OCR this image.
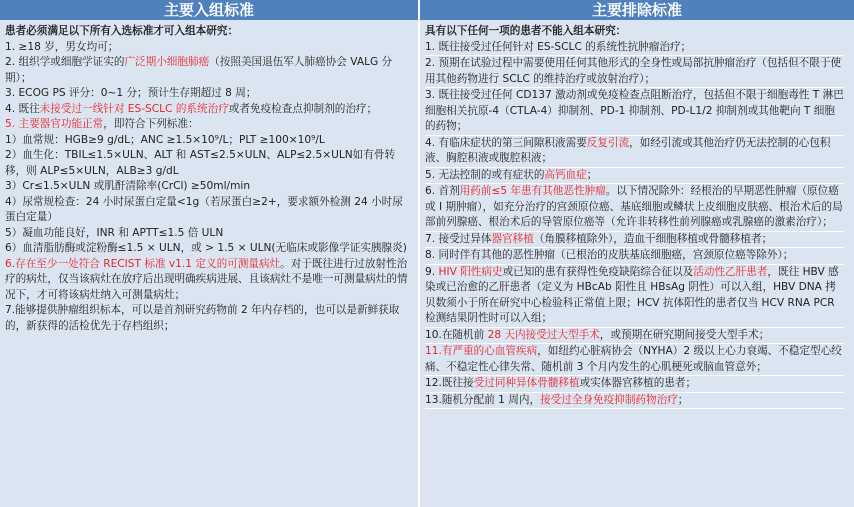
主要入组标准	主要排除标准

患者必须满足以下所有入选标准才可入组本研究：

1. ≥18 岁，男女均可；

2. 组织学或细胞学证实的广泛期小细胞肺癌（按照美国退伍军人肺癌协会 VALG 分期）；

3. ECOG PS 评分：0~1 分；预计生存期超过 8 周；

4. 既往未接受过一线针对 ES-SCLC 的系统治疗或者免疫检查点抑制剂的治疗；

5. 主要器官功能正常，即符合下列标准：

1）血常规：HGB≥9 g/dL；ANC ≥1.5×10⁹/L；PLT ≥100×10⁹/L

2）血生化：TBIL≤1.5×ULN、ALT 和 AST≤2.5×ULN、ALP≤2.5×ULN如有骨转移，则 ALP≤5×ULN，ALB≥3 g/dL

3）Cr≤1.5×ULN 或肌酐清除率(CrCl) ≥50ml/min

4）尿常规检查：24 小时尿蛋白定量<1g（若尿蛋白≥2+，要求额外检测 24 小时尿蛋白定量）

5）凝血功能良好，INR 和 APTT≤1.5 倍 ULN

6）血清脂肪酶或淀粉酶≤1.5 × ULN，或 > 1.5 × ULN(无临床或影像学证实胰腺炎)

6.存在至少一处符合 RECIST 标准 v1.1 定义的可测量病灶。对于既往进行过放射性治疗的病灶，仅当该病灶在放疗后出现明确疾病进展、且该病灶不是唯一可测量病灶的情况下，才可将该病灶纳入可测量病灶；

7.能够提供肿瘤组织标本，可以是首剂研究药物前 2 年内存档的，也可以是新鲜获取的，新获得的活检优先于存档组织；

具有以下任何一项的患者不能入组本研究：

1. 既往接受过任何针对 ES-SCLC 的系统性抗肿瘤治疗；

2. 预期在试验过程中需要使用任何其他形式的全身性或局部抗肿瘤治疗（包括但不限于使用其他药物进行 SCLC 的维持治疗或放射治疗）；

3. 既往接受过任何 CD137 激动剂或免疫检查点阻断治疗，包括但不限于细胞毒性 T 淋巴细胞相关抗原-4（CTLA-4）抑制剂、PD-1 抑制剂、PD-L1/2 抑制剂或其他靶向 T 细胞的药物；

4. 有临床症状的第三间隙积液需要反复引流，如经引流或其他治疗仍无法控制的心包积液、胸腔积液或腹腔积液；

5. 无法控制的或有症状的高钙血症；

6. 首剂用药前≤5 年患有其他恶性肿瘤。以下情况除外：经根治的早期恶性肿瘤（原位癌或 I 期肿瘤），如充分治疗的宫颈原位癌、基底细胞或鳞状上皮细胞皮肤癌、根治术后的局部前列腺癌、根治术后的导管原位癌等（允许非转移性前列腺癌或乳腺癌的激素治疗）；

7. 接受过异体器官移植（角膜移植除外），造血干细胞移植或骨髓移植者；

8. 同时伴有其他的恶性肿瘤（已根治的皮肤基底细胞癌，宫颈原位癌等除外）；

9. HIV 阳性病史或已知的患有获得性免疫缺陷综合征以及活动性乙肝患者，既往 HBV 感染或已治愈的乙肝患者（定义为 HBcAb 阳性且 HBsAg 阴性）可以入组，HBV DNA 拷贝数须小于所在研究中心检验科正常值上限；HCV 抗体阳性的患者仅当 HCV RNA PCR 检测结果阴性时可以入组；

10.在随机前 28 天内接受过大型手术，或预期在研究期间接受大型手术；

11.有严重的心血管疾病，如纽约心脏病协会（NYHA）2 级以上心力衰竭、不稳定型心绞痛、不稳定性心律失常、随机前 3 个月内发生的心肌梗死或脑血管意外；

12.既往接受过同种异体骨髓移植或实体器官移植的患者；

13.随机分配前 1 周内，接受过全身免疫抑制药物治疗；
